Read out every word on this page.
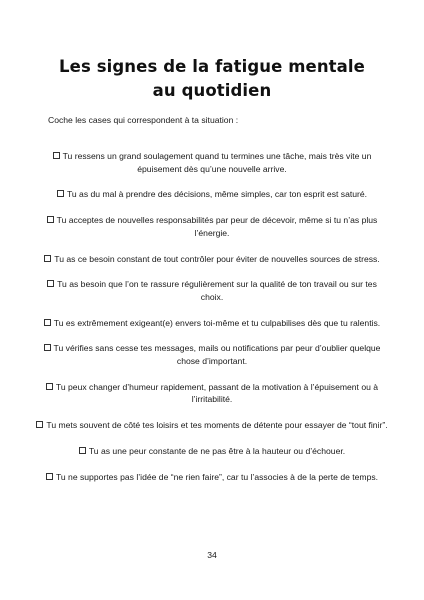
Les signes de la fatigue mentale
au quotidien

Coche les cases qui correspondent à ta situation :

Tu ressens un grand soulagement quand tu termines une tâche, mais très vite un épuisement dès qu’une nouvelle arrive.
Tu as du mal à prendre des décisions, même simples, car ton esprit est saturé.
Tu acceptes de nouvelles responsabilités par peur de décevoir, même si tu n’as plus l’énergie.
Tu as ce besoin constant de tout contrôler pour éviter de nouvelles sources de stress.
Tu as besoin que l’on te rassure régulièrement sur la qualité de ton travail ou sur tes choix.
Tu es extrêmement exigeant(e) envers toi-même et tu culpabilises dès que tu ralentis.
Tu vérifies sans cesse tes messages, mails ou notifications par peur d’oublier quelque chose d’important.
Tu peux changer d’humeur rapidement, passant de la motivation à l’épuisement ou à l’irritabilité.
Tu mets souvent de côté tes loisirs et tes moments de détente pour essayer de “tout finir”.
Tu as une peur constante de ne pas être à la hauteur ou d’échouer.
Tu ne supportes pas l’idée de “ne rien faire”, car tu l’associes à de la perte de temps.
34
